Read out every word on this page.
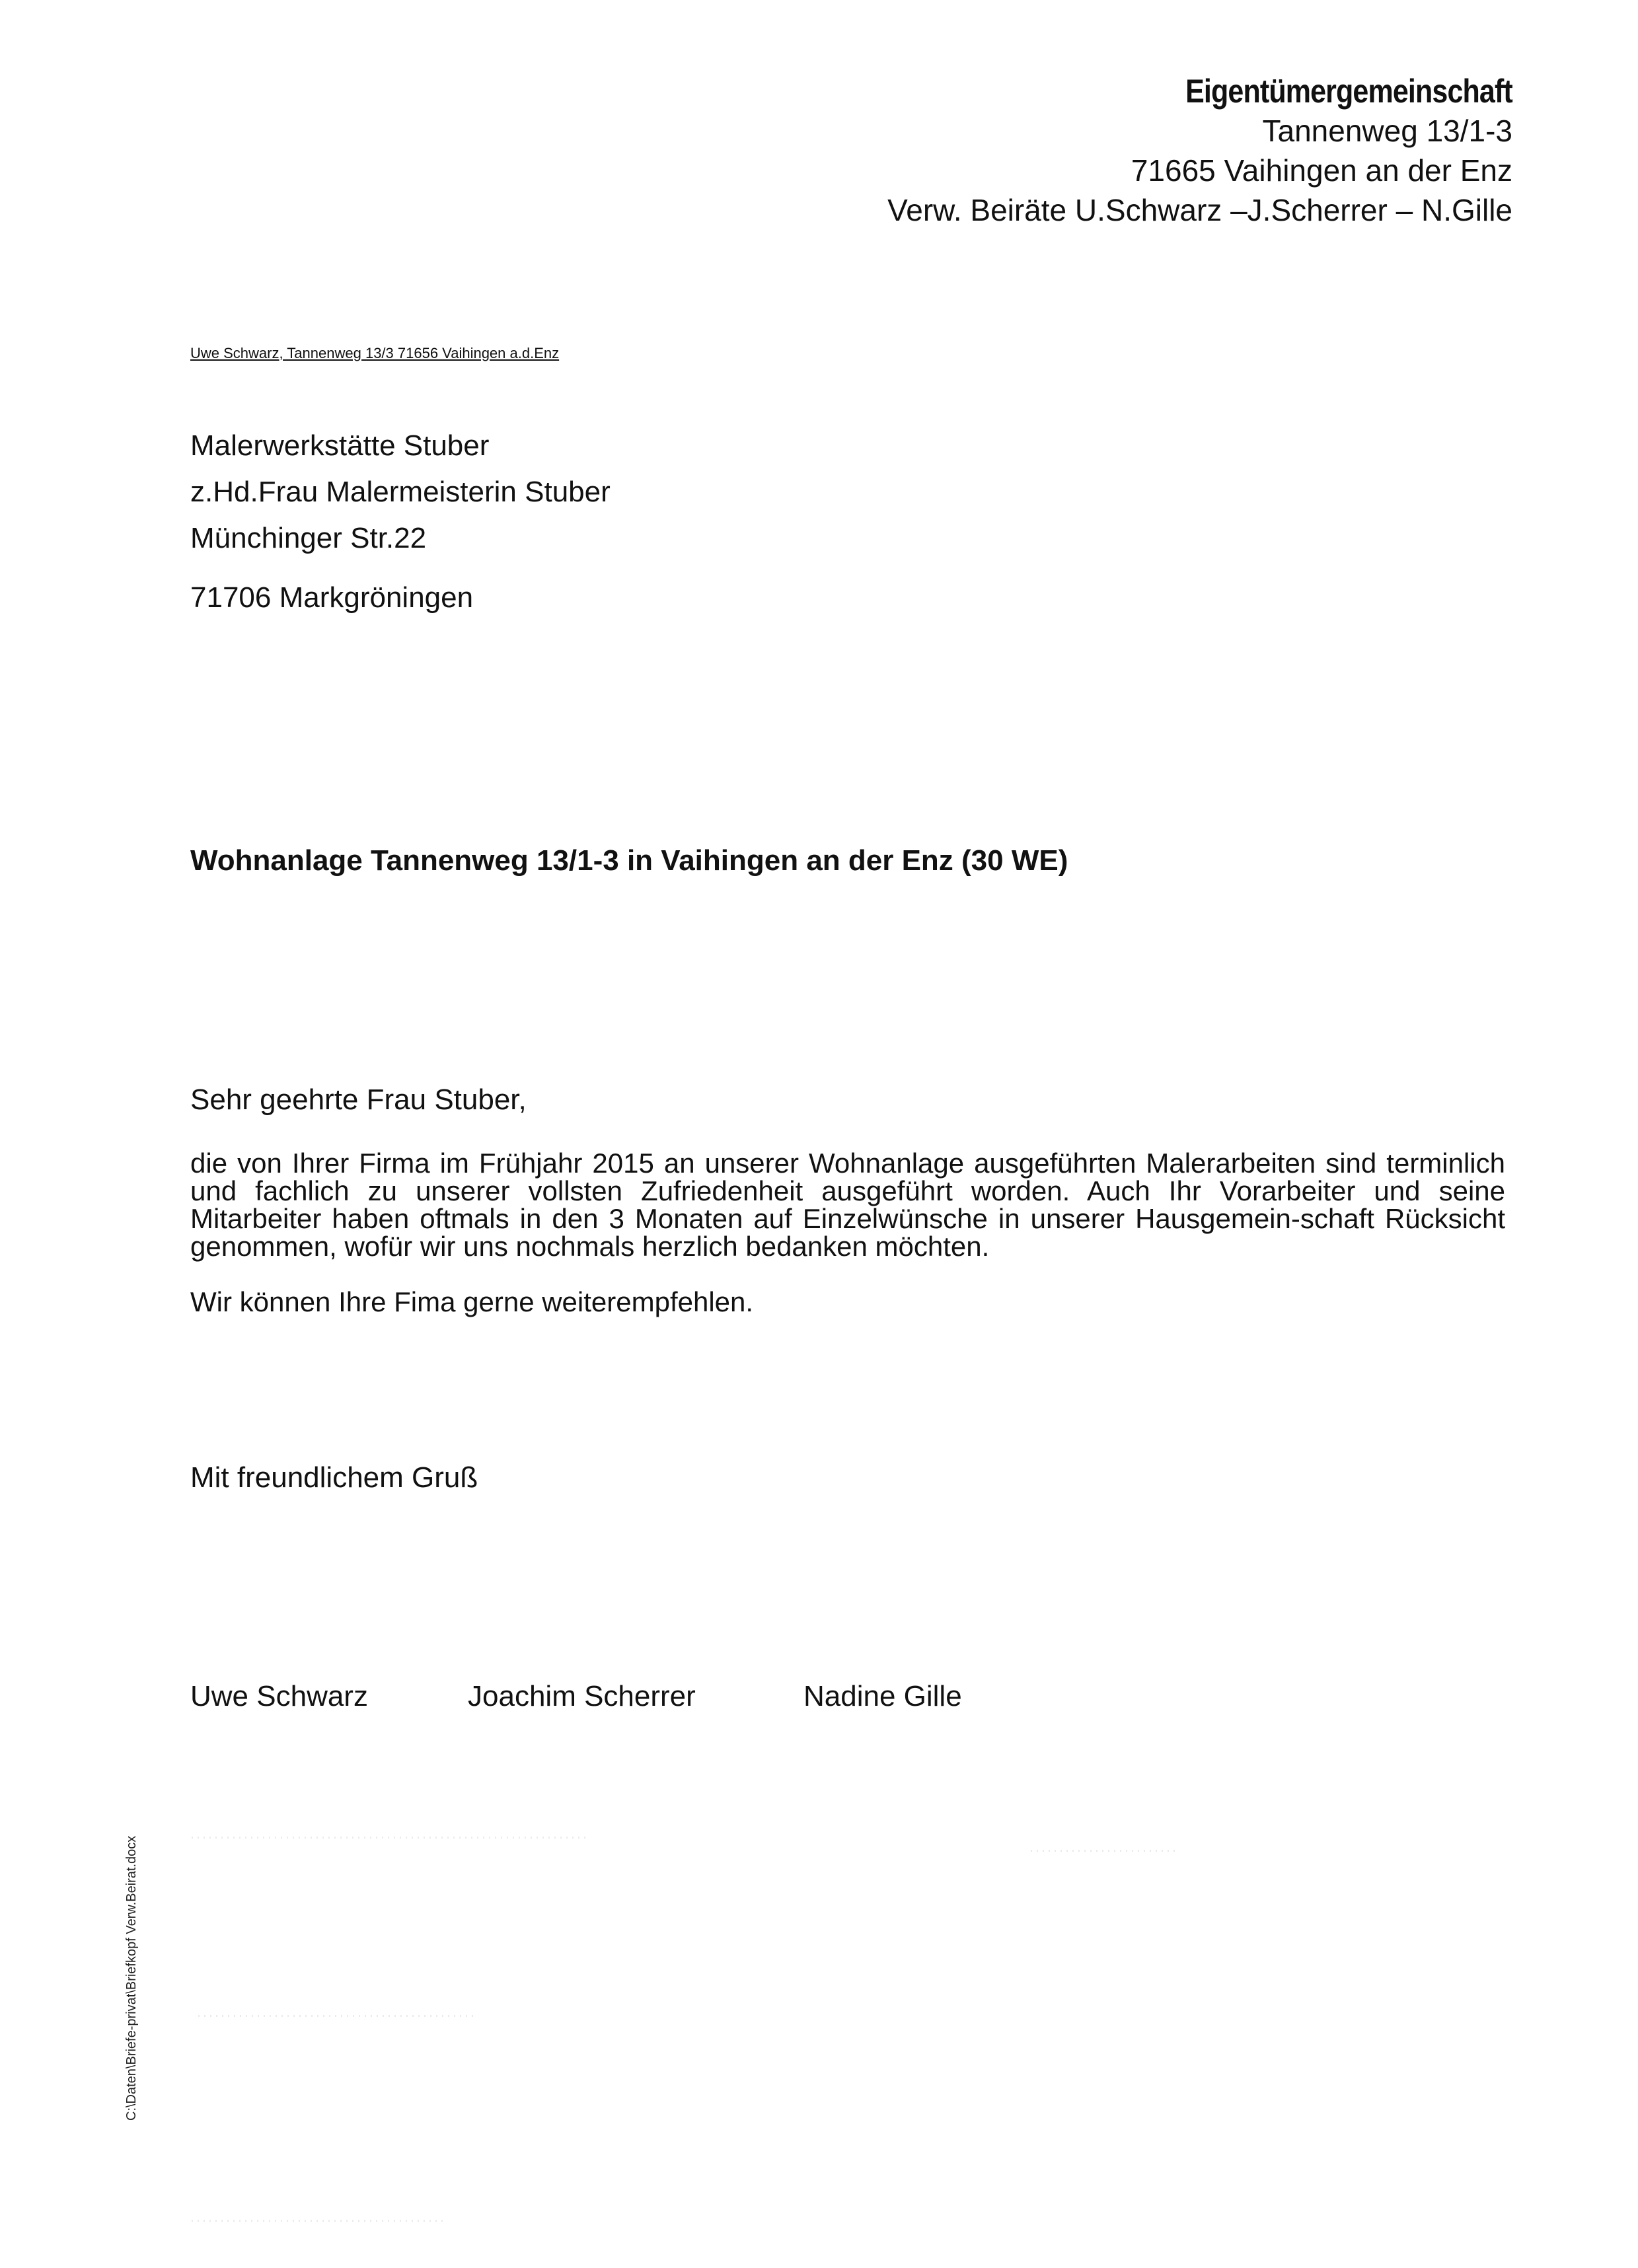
Eigentümergemeinschaft
Tannenweg 13/1-3
71665 Vaihingen an der Enz
Verw. Beiräte U.Schwarz –J.Scherrer – N.Gille
Uwe Schwarz, Tannenweg 13/3 71656 Vaihingen a.d.Enz
Malerwerkstätte Stuber
z.Hd.Frau Malermeisterin Stuber
Münchinger Str.22
71706 Markgröningen
Wohnanlage Tannenweg 13/1-3 in Vaihingen an der Enz (30 WE)
Sehr geehrte Frau Stuber,

die von Ihrer Firma im Frühjahr 2015 an unserer Wohnanlage ausgeführten Malerarbeiten sind terminlich und fachlich zu unserer vollsten Zufriedenheit ausgeführt worden. Auch Ihr Vorarbeiter und seine Mitarbeiter haben oftmals in den 3 Monaten auf Einzelwünsche in unserer Hausgemein-schaft Rücksicht genommen, wofür wir uns nochmals herzlich bedanken möchten.

Wir können Ihre Fima gerne weiterempfehlen.

Mit freundlichem Gruß
Uwe Schwarz	Joachim Scherrer	Nadine Gille
C:\Daten\Briefe-privat\Briefkopf Verw.Beirat.docx
